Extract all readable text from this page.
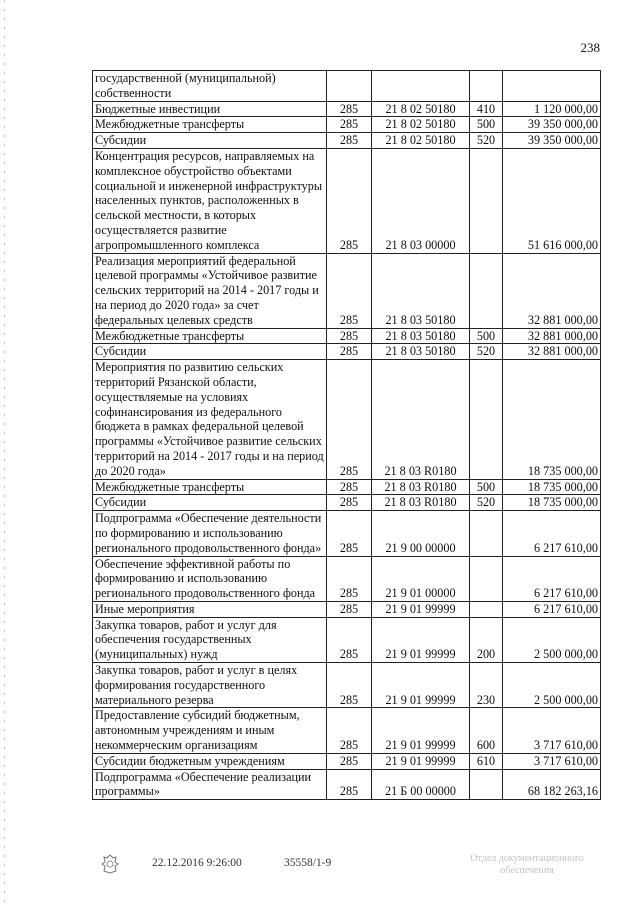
238
государственной (муниципальной) собственности				
Бюджетные инвестиции	285	21 8 02 50180	410	1 120 000,00
Межбюджетные трансферты	285	21 8 02 50180	500	39 350 000,00
Субсидии	285	21 8 02 50180	520	39 350 000,00
Концентрация ресурсов, направляемых на комплексное обустройство объектами социальной и инженерной инфраструктуры населенных пунктов, расположенных в сельской местности, в которых осуществляется развитие агропромышленного комплекса	285	21 8 03 00000		51 616 000,00
Реализация мероприятий федеральной целевой программы «Устойчивое развитие сельских территорий на 2014 - 2017 годы и на период до 2020 года» за счет федеральных целевых средств	285	21 8 03 50180		32 881 000,00
Межбюджетные трансферты	285	21 8 03 50180	500	32 881 000,00
Субсидии	285	21 8 03 50180	520	32 881 000,00
Мероприятия по развитию сельских территорий Рязанской области, осуществляемые на условиях софинансирования из федерального бюджета в рамках федеральной целевой программы «Устойчивое развитие сельских территорий на 2014 - 2017 годы и на период до 2020 года»	285	21 8 03 R0180		18 735 000,00
Межбюджетные трансферты	285	21 8 03 R0180	500	18 735 000,00
Субсидии	285	21 8 03 R0180	520	18 735 000,00
Подпрограмма «Обеспечение деятельности по формированию и использованию регионального продовольственного фонда»	285	21 9 00 00000		6 217 610,00
Обеспечение эффективной работы по формированию и использованию регионального продовольственного фонда	285	21 9 01 00000		6 217 610,00
Иные мероприятия	285	21 9 01 99999		6 217 610,00
Закупка товаров, работ и услуг для обеспечения государственных (муниципальных) нужд	285	21 9 01 99999	200	2 500 000,00
Закупка товаров, работ и услуг в целях формирования государственного материального резерва	285	21 9 01 99999	230	2 500 000,00
Предоставление субсидий бюджетным, автономным учреждениям и иным некоммерческим организациям	285	21 9 01 99999	600	3 717 610,00
Субсидии бюджетным учреждениям	285	21 9 01 99999	610	3 717 610,00
Подпрограмма «Обеспечение реализации программы»	285	21 Б 00 00000		68 182 263,16
22.12.2016 9:26:00	35558/1-9	Отдел документационного
обеспечения
